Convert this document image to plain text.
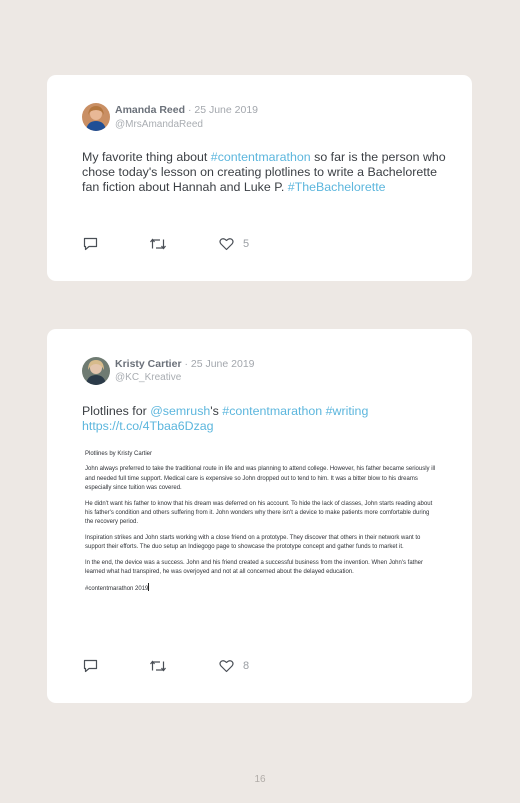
Amanda Reed · 25 June 2019
@MrsAmandaReed
My favorite thing about #contentmarathon so far is the person who chose today's lesson on creating plotlines to write a Bachelorette fan fiction about Hannah and Luke P. #TheBachelorette
5
Kristy Cartier · 25 June 2019
@KC_Kreative
Plotlines for @semrush's #contentmarathon #writing
https://t.co/4Tbaa6Dzag

Plotlines by Kristy Cartier

John always preferred to take the traditional route in life and was planning to attend college. However, his father became seriously ill and needed full time support. Medical care is expensive so John dropped out to tend to him. It was a bitter blow to his dreams especially since tuition was covered.

He didn't want his father to know that his dream was deferred on his account. To hide the lack of classes, John starts reading about his father's condition and others suffering from it. John wonders why there isn't a device to make patients more comfortable during the recovery period.

Inspiration strikes and John starts working with a close friend on a prototype. They discover that others in their network want to support their efforts. The duo setup an Indiegogo page to showcase the prototype concept and gather funds to market it.

In the end, the device was a success. John and his friend created a successful business from the invention. When John's father learned what had transpired, he was overjoyed and not at all concerned about the delayed education.

#contentmarathon 2019

8
16
